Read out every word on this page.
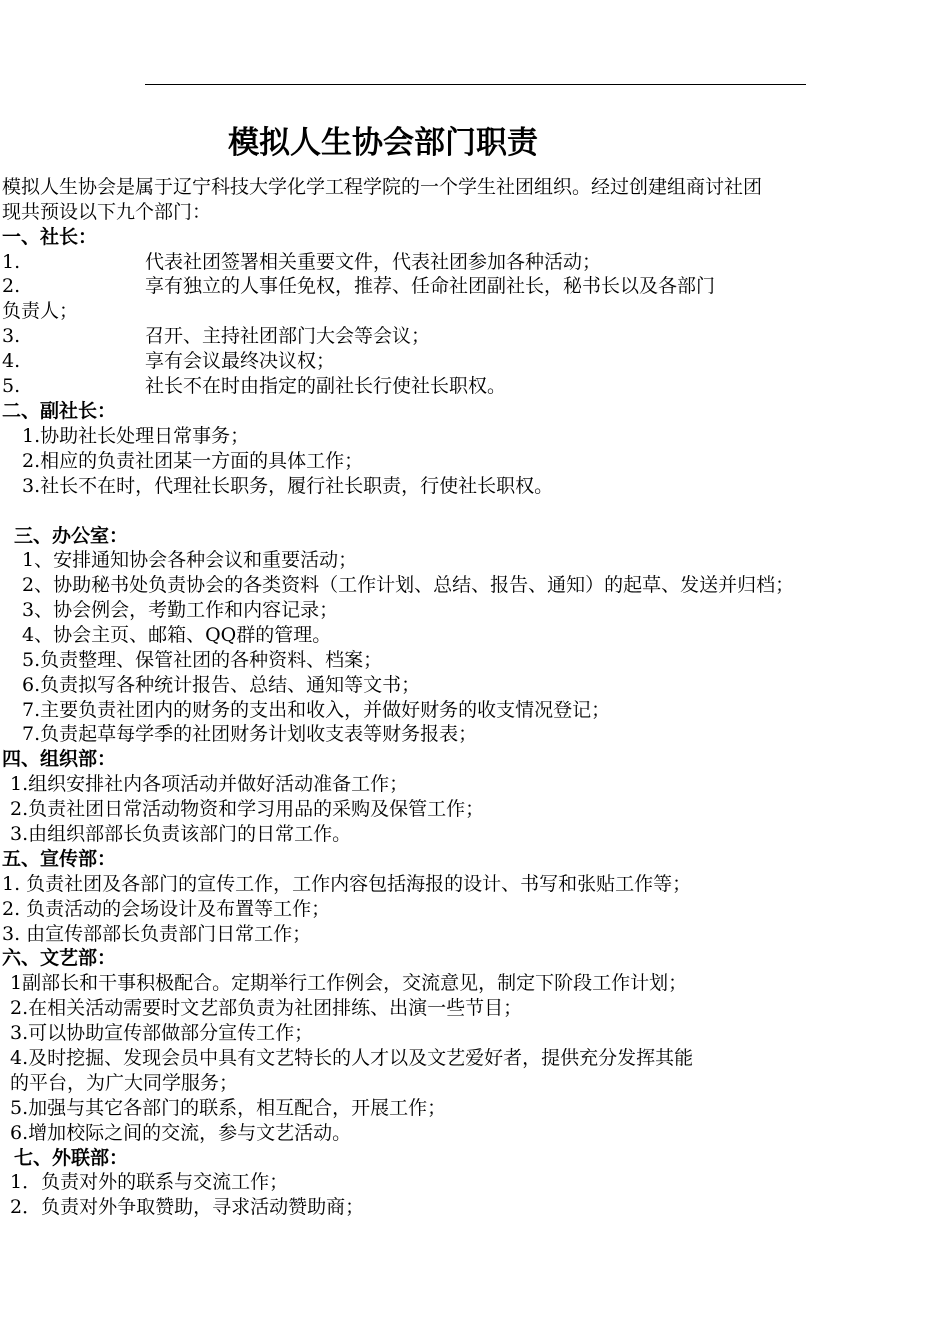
模拟人生协会部门职责
模拟人生协会是属于辽宁科技大学化学工程学院的一个学生社团组织。经过创建组商讨社团
现共预设以下九个部门：
一、社长：
1.	代表社团签署相关重要文件，代表社团参加各种活动；
2.	享有独立的人事任免权，推荐、任命社团副社长，秘书长以及各部门
负责人；
3.	召开、主持社团部门大会等会议；
4.	享有会议最终决议权；
5.	社长不在时由指定的副社长行使社长职权。
二、副社长：
1.协助社长处理日常事务；
2.相应的负责社团某一方面的具体工作；
3.社长不在时，代理社长职务，履行社长职责，行使社长职权。
三、办公室：
1、安排通知协会各种会议和重要活动；
2、协助秘书处负责协会的各类资料（工作计划、总结、报告、通知）的起草、发送并归档；
3、协会例会，考勤工作和内容记录；
4、协会主页、邮箱、QQ群的管理。
5.负责整理、保管社团的各种资料、档案；
6.负责拟写各种统计报告、总结、通知等文书；
7.主要负责社团内的财务的支出和收入，并做好财务的收支情况登记；
7.负责起草每学季的社团财务计划收支表等财务报表；
四、组织部：
1.组织安排社内各项活动并做好活动准备工作；
2.负责社团日常活动物资和学习用品的采购及保管工作；
3.由组织部部长负责该部门的日常工作。
五、宣传部：
1. 负责社团及各部门的宣传工作，工作内容包括海报的设计、书写和张贴工作等；
2. 负责活动的会场设计及布置等工作；
3. 由宣传部部长负责部门日常工作；
六、文艺部：
1副部长和干事积极配合。定期举行工作例会，交流意见，制定下阶段工作计划；
2.在相关活动需要时文艺部负责为社团排练、出演一些节目；
3.可以协助宣传部做部分宣传工作；
4.及时挖掘、发现会员中具有文艺特长的人才以及文艺爱好者，提供充分发挥其能
的平台，为广大同学服务；
5.加强与其它各部门的联系，相互配合，开展工作；
6.增加校际之间的交流，参与文艺活动。
七、外联部：
1．负责对外的联系与交流工作；
2．负责对外争取赞助，寻求活动赞助商；
